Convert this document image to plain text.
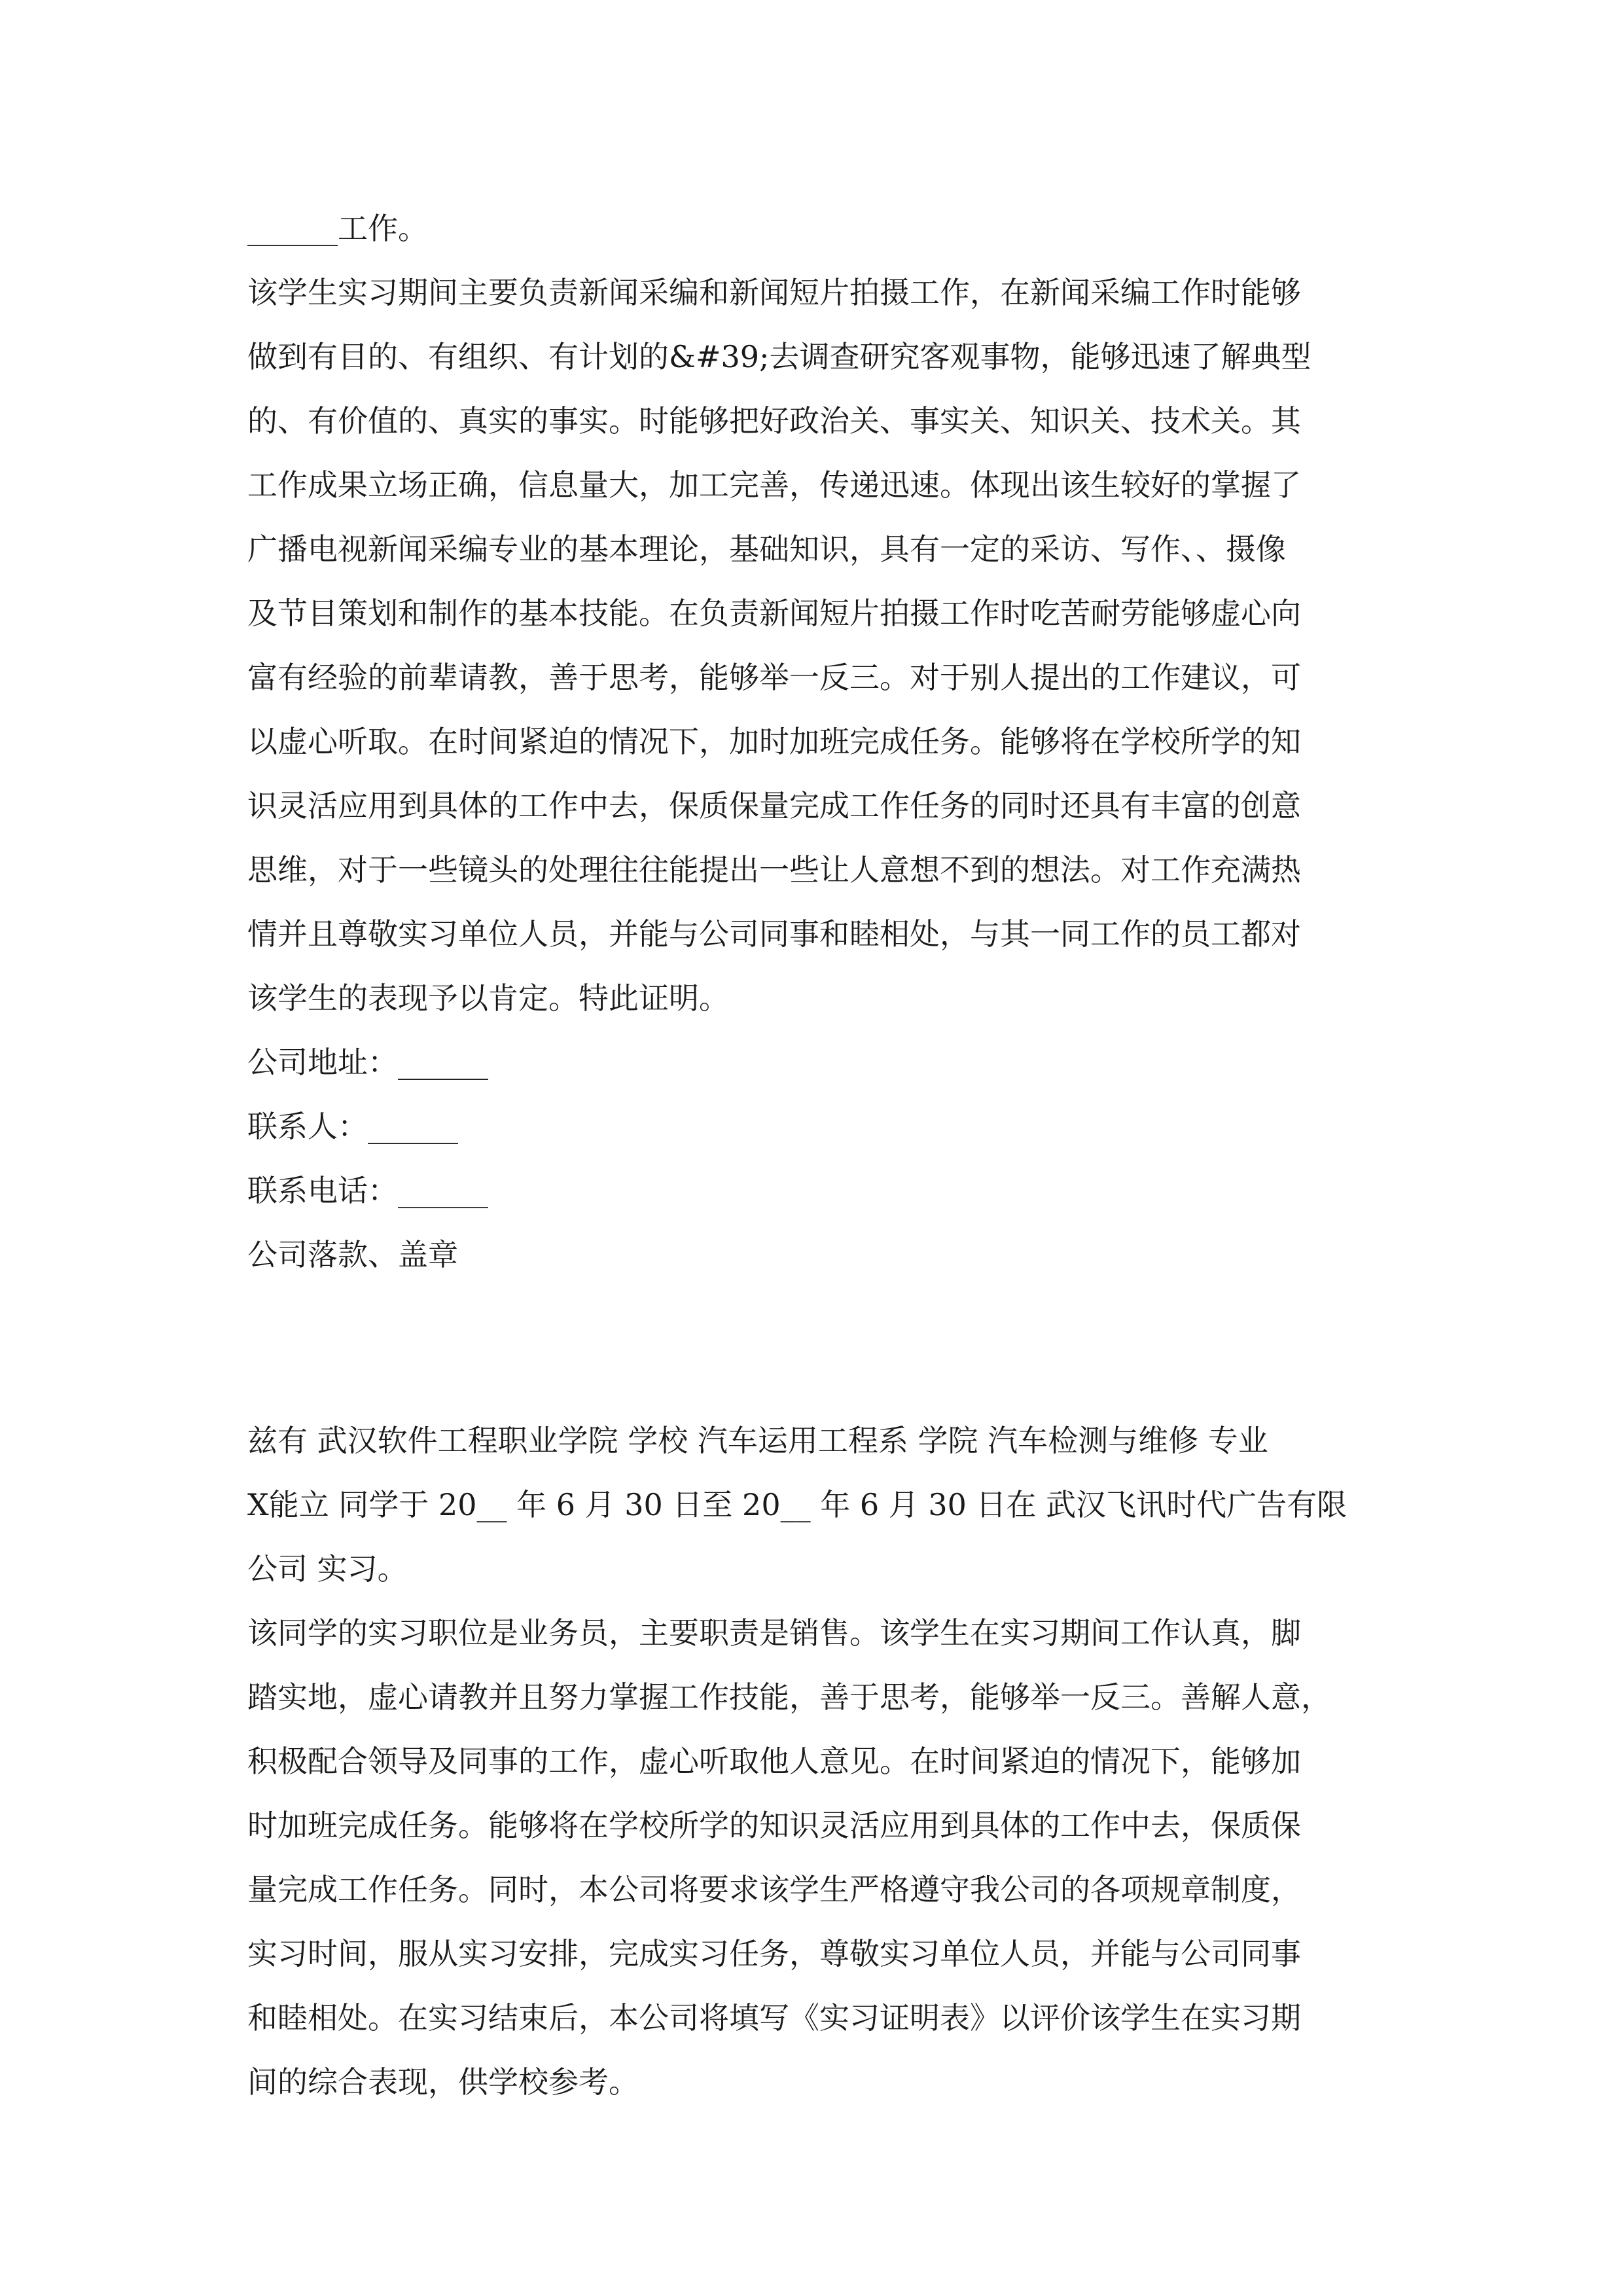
______工作。
该学生实习期间主要负责新闻采编和新闻短片拍摄工作，在新闻采编工作时能够
做到有目的、有组织、有计划的&#39;去调查研究客观事物，能够迅速了解典型
的、有价值的、真实的事实。时能够把好政治关、事实关、知识关、技术关。其
工作成果立场正确，信息量大，加工完善，传递迅速。体现出该生较好的掌握了
广播电视新闻采编专业的基本理论，基础知识，具有一定的采访、写作、、摄像
及节目策划和制作的基本技能。在负责新闻短片拍摄工作时吃苦耐劳能够虚心向
富有经验的前辈请教，善于思考，能够举一反三。对于别人提出的工作建议，可
以虚心听取。在时间紧迫的情况下，加时加班完成任务。能够将在学校所学的知
识灵活应用到具体的工作中去，保质保量完成工作任务的同时还具有丰富的创意
思维，对于一些镜头的处理往往能提出一些让人意想不到的想法。对工作充满热
情并且尊敬实习单位人员，并能与公司同事和睦相处，与其一同工作的员工都对
该学生的表现予以肯定。特此证明。
公司地址：______
联系人：______
联系电话：______
公司落款、盖章
兹有 武汉软件工程职业学院 学校 汽车运用工程系 学院 汽车检测与维修 专业
X能立 同学于 20__ 年 6 月 30 日至 20__ 年 6 月 30 日在 武汉飞讯时代广告有限
公司 实习。
该同学的实习职位是业务员，主要职责是销售。该学生在实习期间工作认真，脚
踏实地，虚心请教并且努力掌握工作技能，善于思考，能够举一反三。善解人意，
积极配合领导及同事的工作，虚心听取他人意见。在时间紧迫的情况下，能够加
时加班完成任务。能够将在学校所学的知识灵活应用到具体的工作中去，保质保
量完成工作任务。同时，本公司将要求该学生严格遵守我公司的各项规章制度，
实习时间，服从实习安排，完成实习任务，尊敬实习单位人员，并能与公司同事
和睦相处。在实习结束后，本公司将填写《实习证明表》以评价该学生在实习期
间的综合表现，供学校参考。
